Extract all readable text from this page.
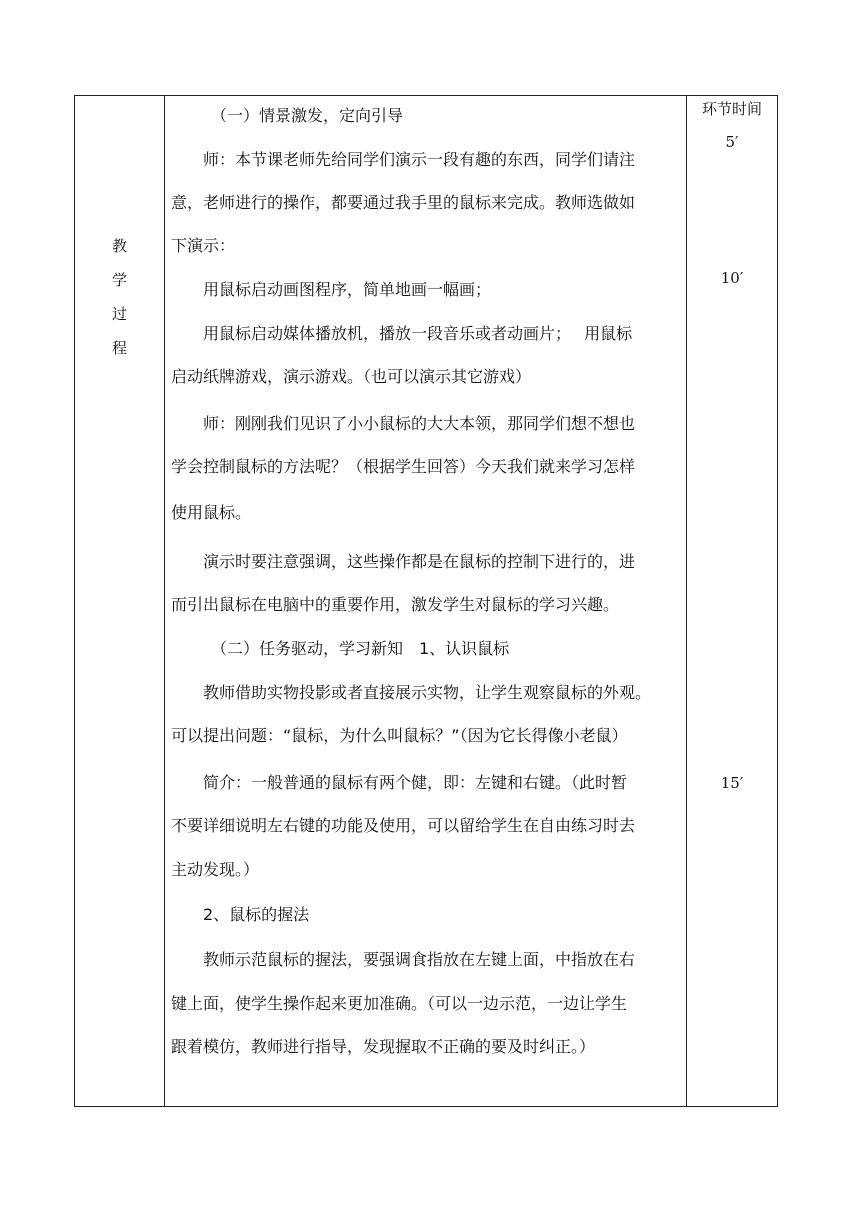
教
学
过
程

（一）情景激发，定向引导

师：本节课老师先给同学们演示一段有趣的东西，同学们请注

意，老师进行的操作，都要通过我手里的鼠标来完成。教师选做如

下演示：

用鼠标启动画图程序，简单地画一幅画；

用鼠标启动媒体播放机，播放一段音乐或者动画片；　 用鼠标

启动纸牌游戏，演示游戏。（也可以演示其它游戏）

师：刚刚我们见识了小小鼠标的大大本领，那同学们想不想也

学会控制鼠标的方法呢？（根据学生回答）今天我们就来学习怎样

使用鼠标。

演示时要注意强调，这些操作都是在鼠标的控制下进行的，进

而引出鼠标在电脑中的重要作用，激发学生对鼠标的学习兴趣。

（二）任务驱动，学习新知　1、认识鼠标

教师借助实物投影或者直接展示实物，让学生观察鼠标的外观。

可以提出问题：“鼠标，为什么叫鼠标？”（因为它长得像小老鼠）

简介：一般普通的鼠标有两个健，即：左键和右键。（此时暂

不要详细说明左右键的功能及使用，可以留给学生在自由练习时去

主动发现。）

2、鼠标的握法

教师示范鼠标的握法，要强调食指放在左键上面，中指放在右

键上面，使学生操作起来更加准确。（可以一边示范，一边让学生

跟着模仿，教师进行指导，发现握取不正确的要及时纠正。）

环节时间
5′
10′
15′
